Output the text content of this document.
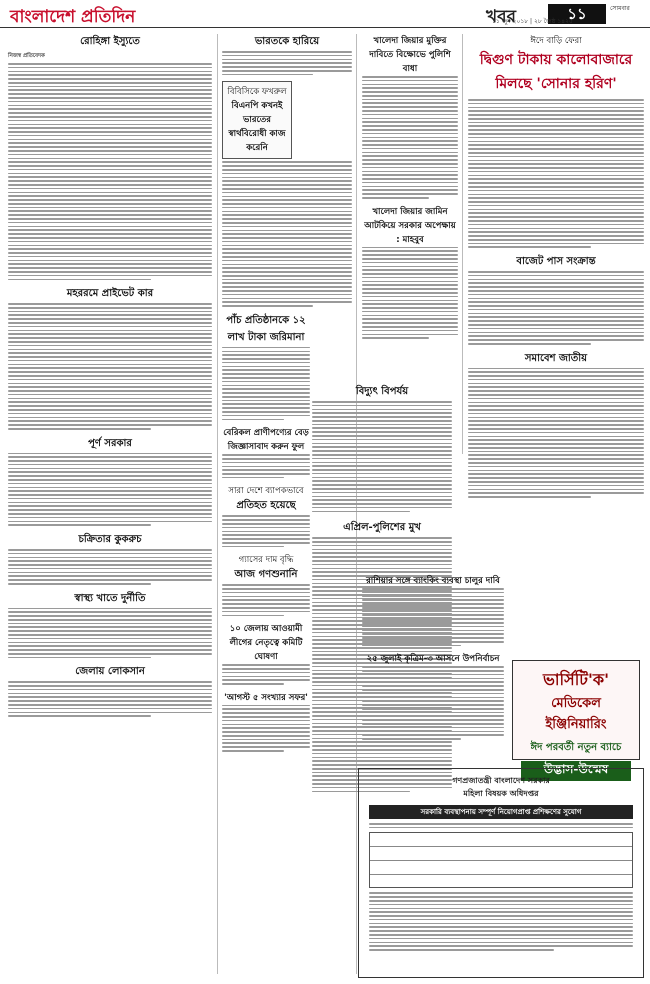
বাংলাদেশ প্রতিদিন	খবর	১১	সোমবার
১১ জুন ২০১৮ | ২৮ জৈষ্ঠ ১৪২৫
রোহিঙ্গা ইস্যুতে
নিজস্ব প্রতিবেদক
মহররমে প্রাইভেট কার
পূর্ণ সরকার
চক্রিতার কুকরুচ
স্বাস্থ্য খাতে দুর্নীতি
জেলায় লোকসান
ভারতকে হারিয়ে
বিবিসিকে ফখরুল
বিএনপি কখনই ভারতের স্বার্থবিরোধী কাজ করেনি
পাঁচ প্রতিষ্ঠানকে ১২ লাখ টাকা জরিমানা
বেরিকল প্রাণীপণ্যের বেড় জিজ্ঞাসাবাদ করুন ফুল
সারা দেশে ব্যাপকভাবে
প্রতিহত হয়েছে
গ্যাসের দাম বৃদ্ধি
আজ গণশুনানি
১০ জেলায় আওয়ামী লীগের নেতৃত্বে কমিটি ঘোষণা
'আগস্ট ৫ সংখ্যার সফর'
বিদ্যুৎ বিপর্যয়
এপ্রিল-পুলিশের মুখ
খালেদা জিয়ার মুক্তির দাবিতে বিক্ষোভে পুলিশি বাধা
খালেদা জিয়ার জামিন আটকিয়ে সরকার অপেক্ষায় : মাহবুব
রাশিয়ার সঙ্গে ব্যাংকিং ব্যবস্থা চালুর দাবি
২৫ জুলাই কৃত্রিম-৩ আসনে উপনির্বাচন
ঈদে বাড়ি ফেরা
দ্বিগুণ টাকায় কালোবাজারে মিলছে 'সোনার হরিণ'
বাজেট পাস সংক্রান্ত
সমাবেশ জাতীয়
ভার্সিটি'ক'
মেডিকেল
ইঞ্জিনিয়ারিং
ঈদ পরবর্তী নতুন ব্যাচে
উদ্ভাস-উন্মেষ
গণপ্রজাতন্ত্রী বাংলাদেশ সরকার
মহিলা বিষয়ক অধিদপ্তর
সরকারি ব্যবস্থাপনায় সম্পূর্ণ নিয়োগপ্রাপ্ত প্রশিক্ষণের সুযোগ
